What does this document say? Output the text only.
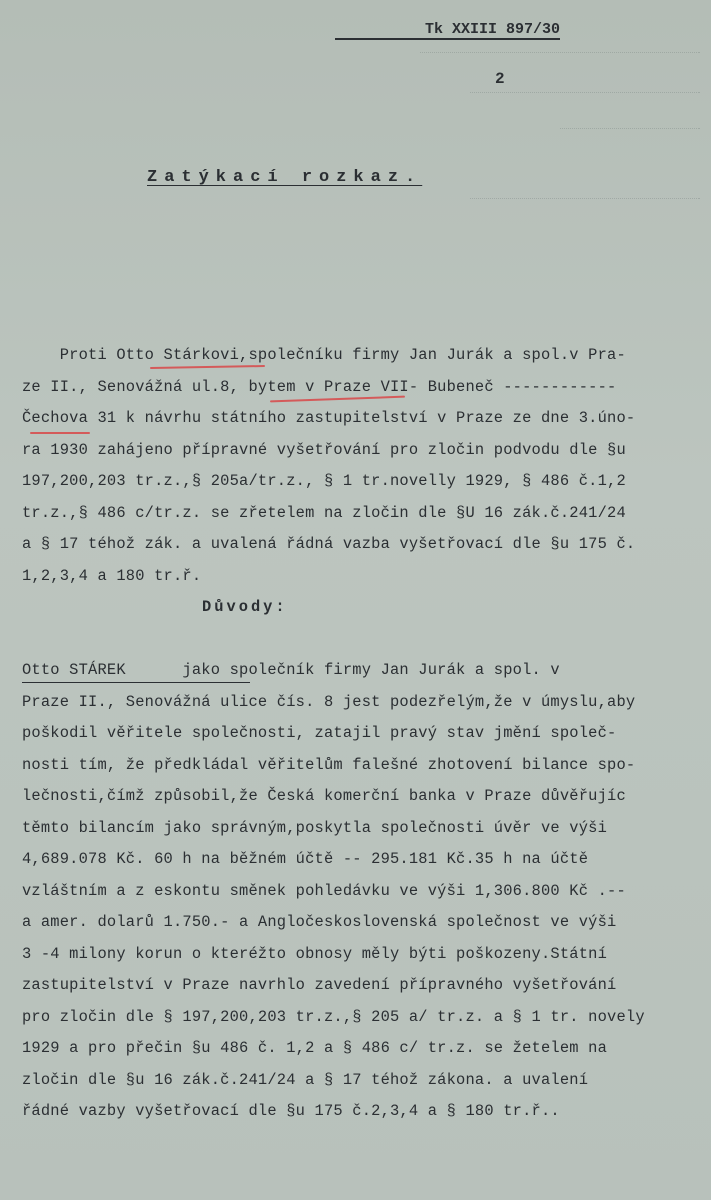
Tk XXIII 897/30
2
Zatýkací rozkaz.
Proti Otto Stárkovi,společníku firmy Jan Jurák a spol.v Pra-
ze II., Senovážná ul.8, bytem v Praze VII- Bubeneč ------------
Čechova 31 k návrhu státního zastupitelství v Praze ze dne 3.úno-
ra 1930 zahájeno přípravné vyšetřování pro zločin podvodu dle §u
197,200,203 tr.z.,§ 205a/tr.z., § 1 tr.novelly 1929, § 486 č.1,2
tr.z.,§ 486 c/tr.z. se zřetelem na zločin dle §U 16 zák.č.241/24
a § 17 téhož zák. a uvalená řádná vazba vyšetřovací dle §u 175 č.
1,2,3,4 a 180 tr.ř.
Důvody:
Otto STÁREK      jako společník firmy Jan Jurák a spol. v
Praze II., Senovážná ulice čís. 8 jest podezřelým,že v úmyslu,aby
poškodil věřitele společnosti, zatajil pravý stav jmění společ-
nosti tím, že předkládal věřitelům falešné zhotovení bilance spo-
lečnosti,čímž způsobil,že Česká komerční banka v Praze důvěřujíc
těmto bilancím jako správným,poskytla společnosti úvěr ve výši
4,689.078 Kč. 60 h na běžném účtě -- 295.181 Kč.35 h na účtě
vzláštním a z eskontu směnek pohledávku ve výši 1,306.800 Kč .--
a amer. dolarů 1.750.- a Angločeskoslovenská společnost ve výši
3 -4 milony korun o kteréžto obnosy měly býti poškozeny.Státní
zastupitelství v Praze navrhlo zavedení přípravného vyšetřování
pro zločin dle § 197,200,203 tr.z.,§ 205 a/ tr.z. a § 1 tr. novely
1929 a pro přečin §u 486 č. 1,2 a § 486 c/ tr.z. se žetelem na
zločin dle §u 16 zák.č.241/24 a § 17 téhož zákona. a uvalení
řádné vazby vyšetřovací dle §u 175 č.2,3,4 a § 180 tr.ř..
